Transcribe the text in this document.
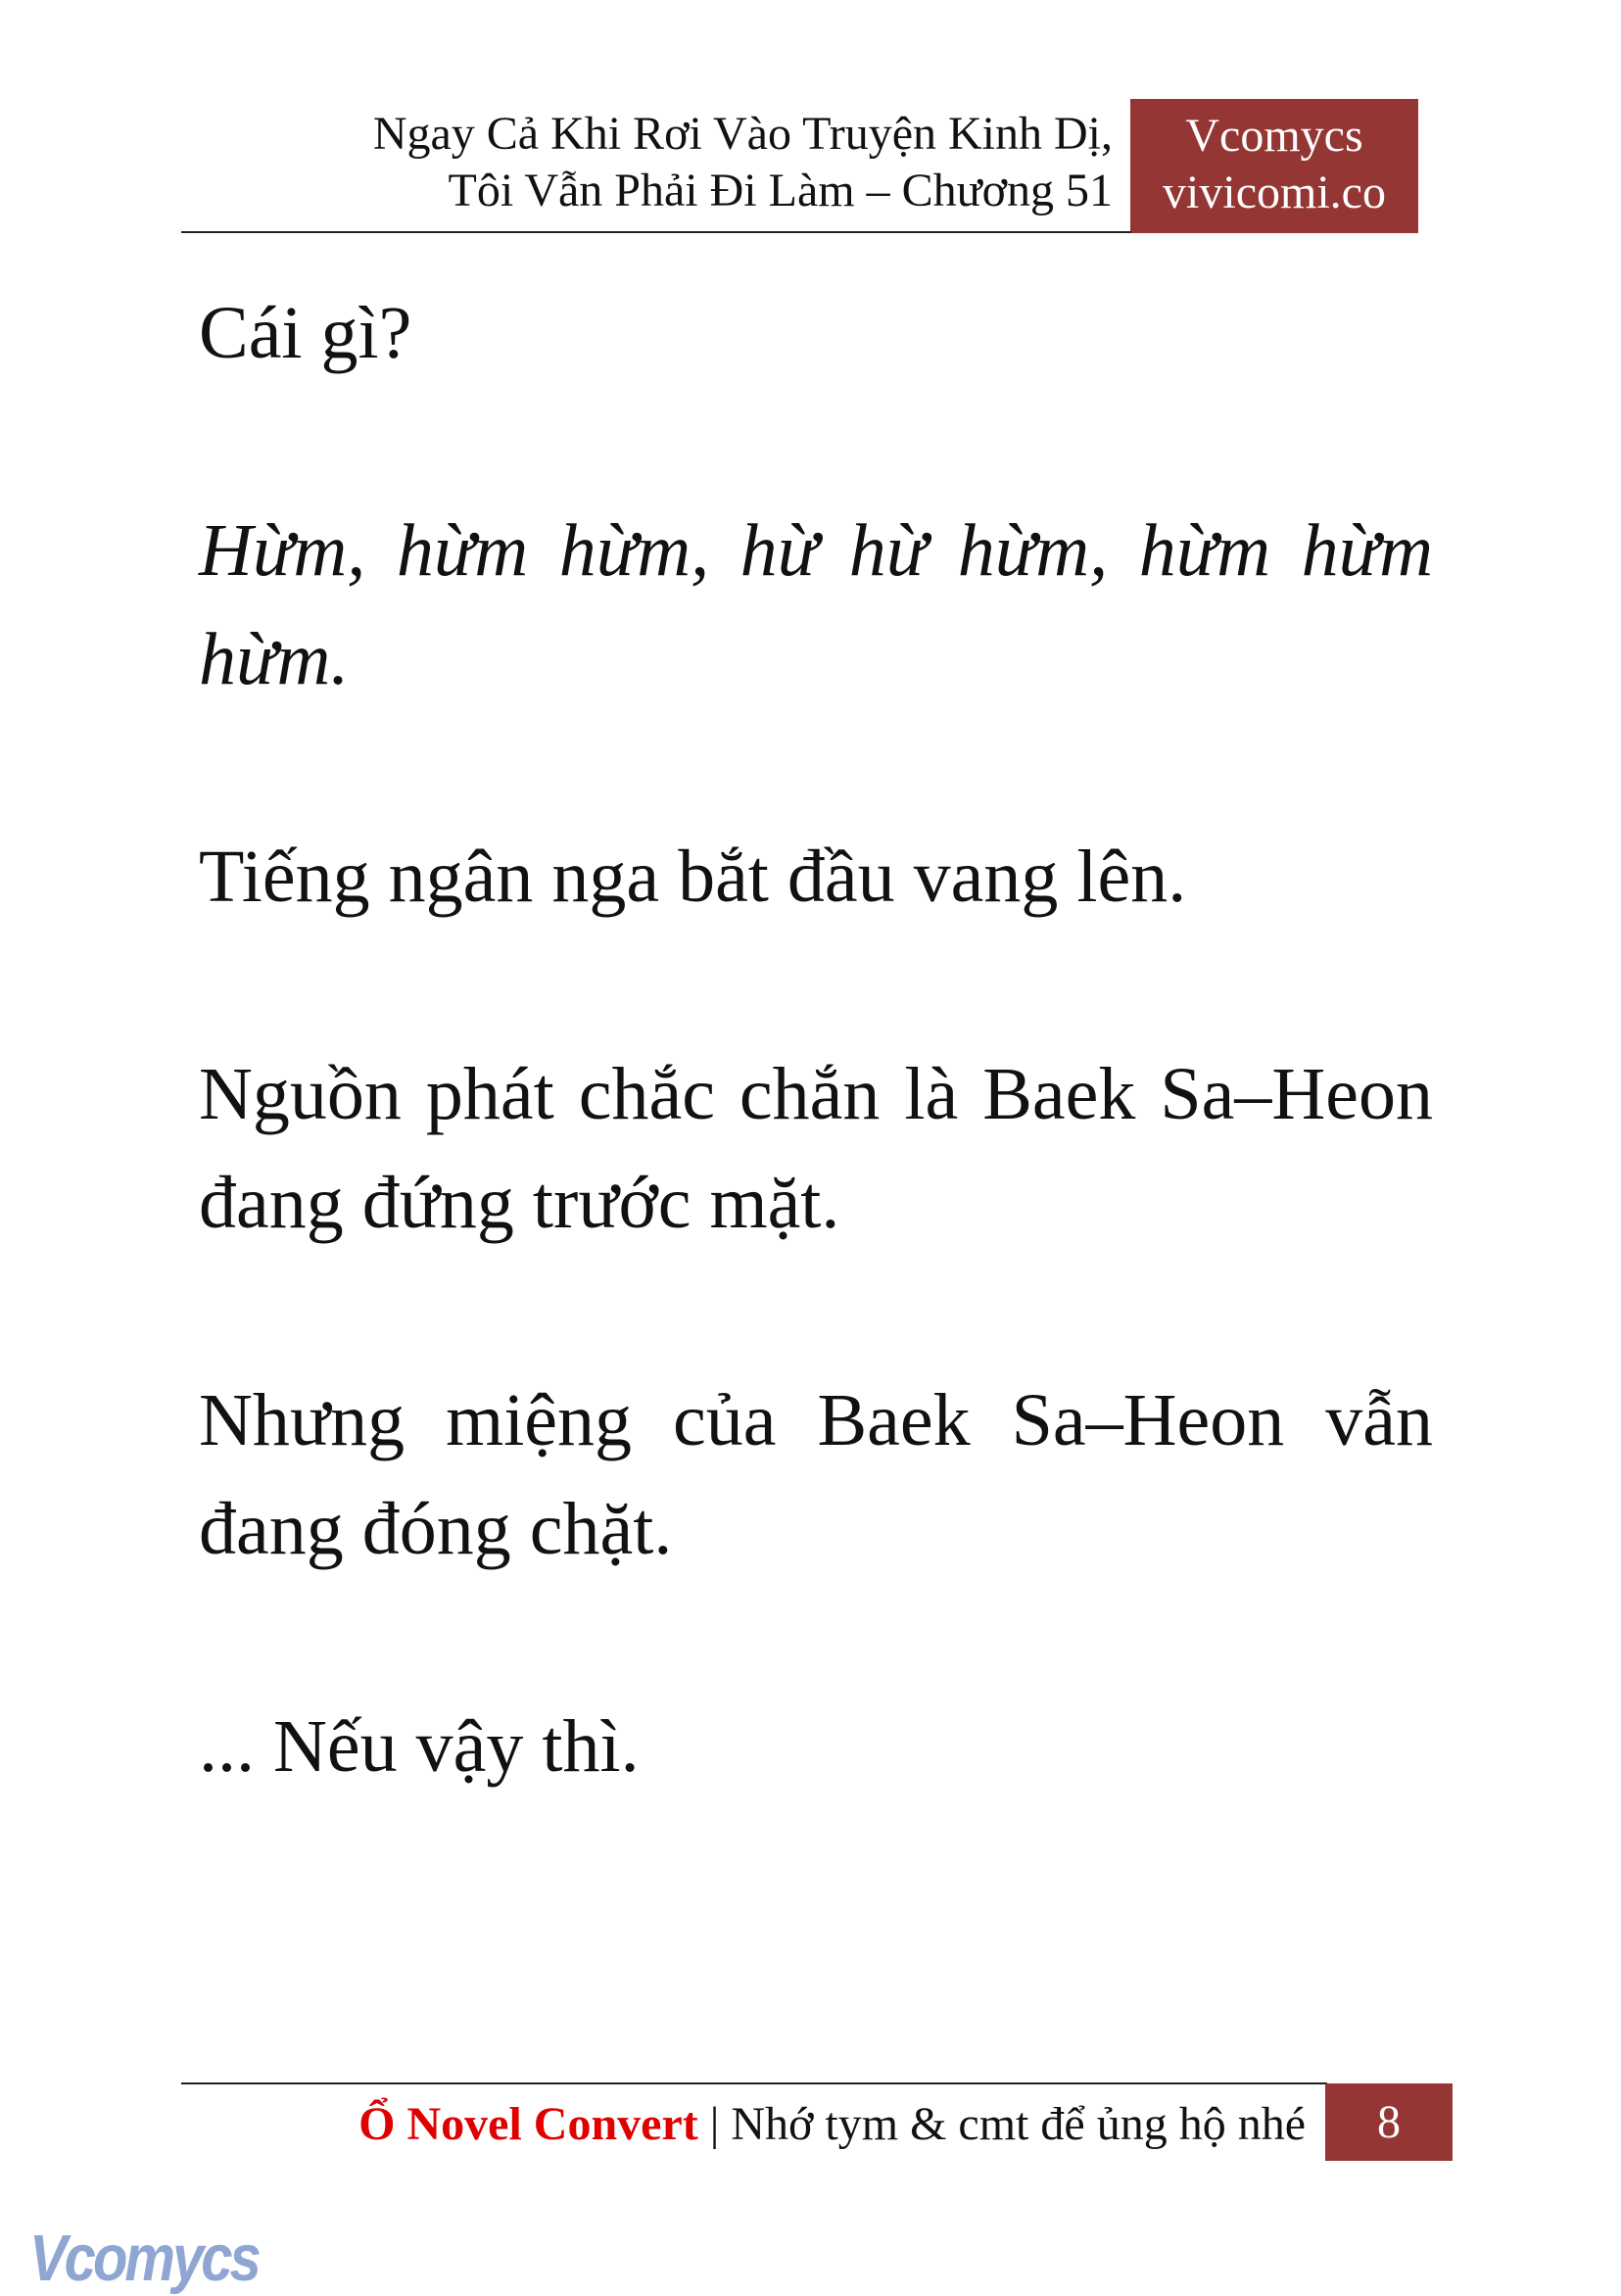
Ngay Cả Khi Rơi Vào Truyện Kinh Dị,
Tôi Vẫn Phải Đi Làm – Chương 51
Vcomycs
vivicomi.co

Cái gì?

Hừm, hừm hừm, hừ hừ hừm, hừm hừm hừm.

Tiếng ngân nga bắt đầu vang lên.

Nguồn phát chắc chắn là Baek Sa–Heon đang đứng trước mặt.

Nhưng miệng của Baek Sa–Heon vẫn đang đóng chặt.

... Nếu vậy thì.

Ổ Novel Convert | Nhớ tym & cmt để ủng hộ nhé	8
Vcomycs
